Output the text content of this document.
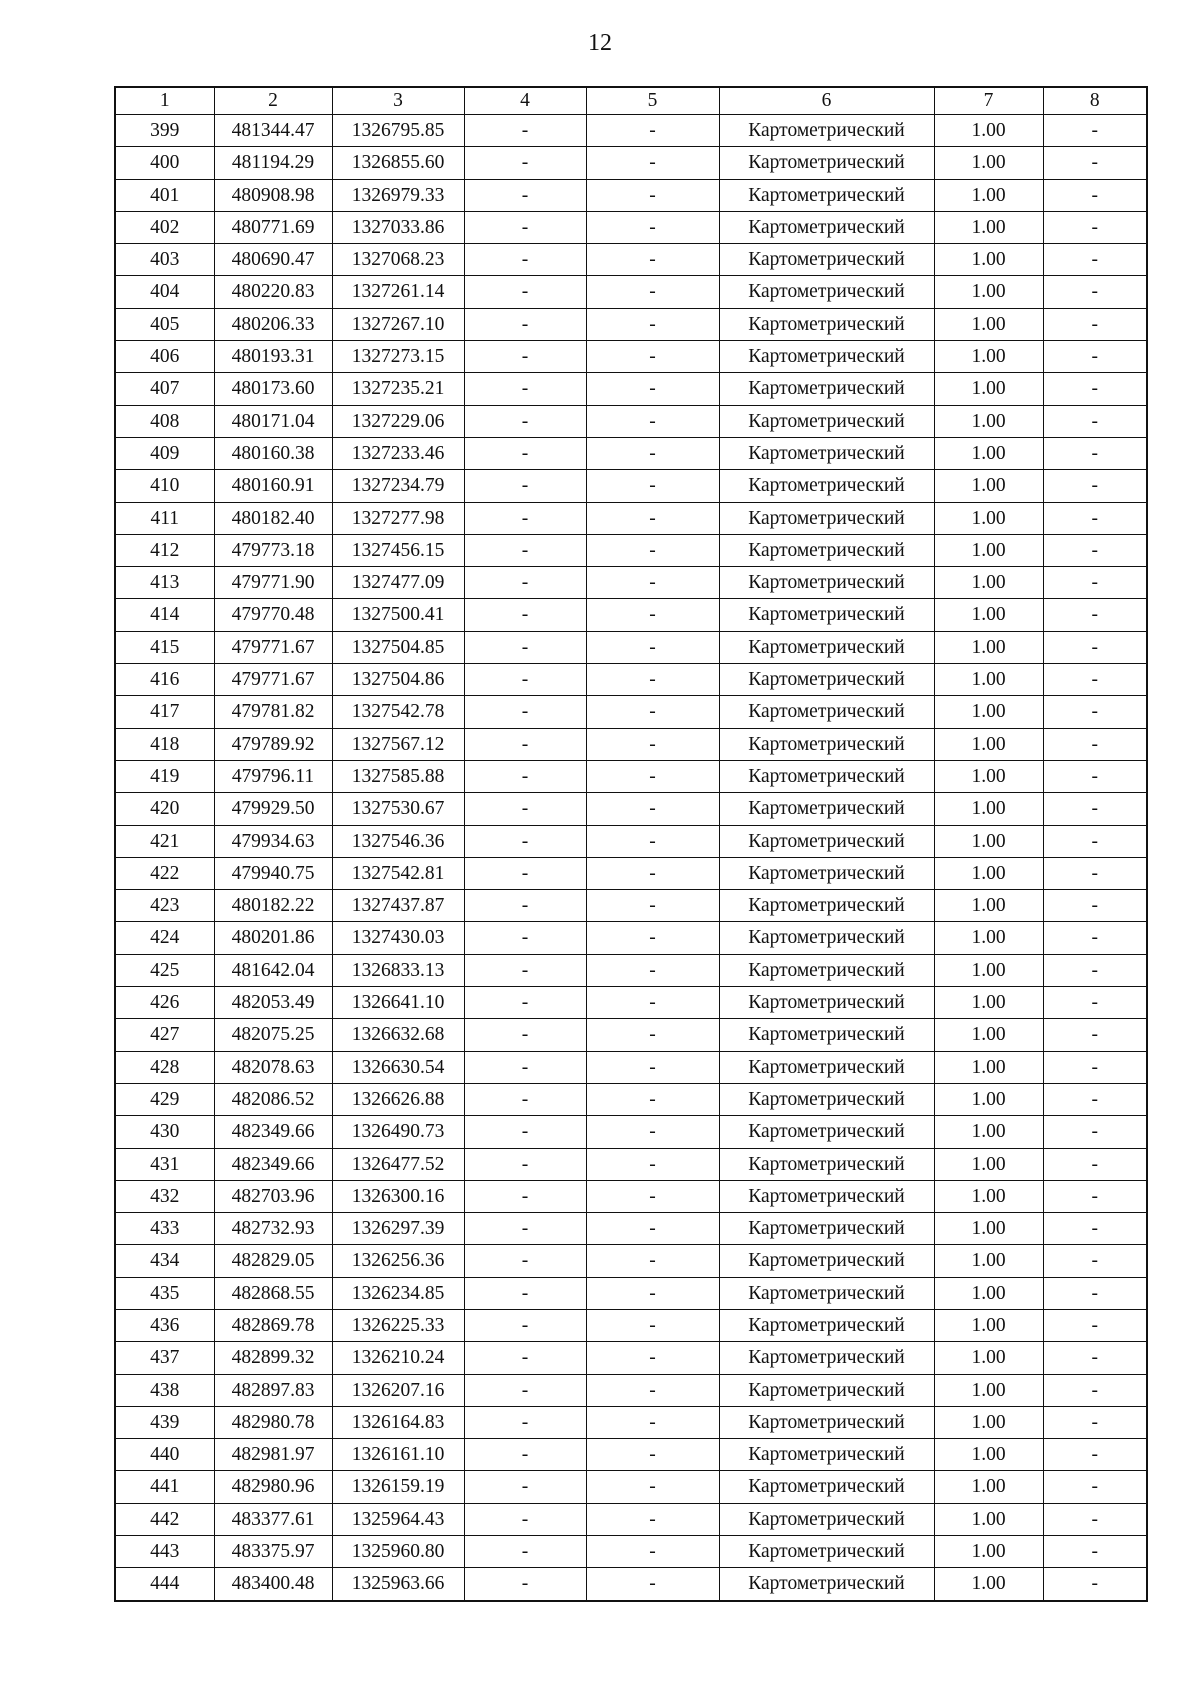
12
1	2	3	4	5	6	7	8
399	481344.47	1326795.85	-	-	Картометрический	1.00	-
400	481194.29	1326855.60	-	-	Картометрический	1.00	-
401	480908.98	1326979.33	-	-	Картометрический	1.00	-
402	480771.69	1327033.86	-	-	Картометрический	1.00	-
403	480690.47	1327068.23	-	-	Картометрический	1.00	-
404	480220.83	1327261.14	-	-	Картометрический	1.00	-
405	480206.33	1327267.10	-	-	Картометрический	1.00	-
406	480193.31	1327273.15	-	-	Картометрический	1.00	-
407	480173.60	1327235.21	-	-	Картометрический	1.00	-
408	480171.04	1327229.06	-	-	Картометрический	1.00	-
409	480160.38	1327233.46	-	-	Картометрический	1.00	-
410	480160.91	1327234.79	-	-	Картометрический	1.00	-
411	480182.40	1327277.98	-	-	Картометрический	1.00	-
412	479773.18	1327456.15	-	-	Картометрический	1.00	-
413	479771.90	1327477.09	-	-	Картометрический	1.00	-
414	479770.48	1327500.41	-	-	Картометрический	1.00	-
415	479771.67	1327504.85	-	-	Картометрический	1.00	-
416	479771.67	1327504.86	-	-	Картометрический	1.00	-
417	479781.82	1327542.78	-	-	Картометрический	1.00	-
418	479789.92	1327567.12	-	-	Картометрический	1.00	-
419	479796.11	1327585.88	-	-	Картометрический	1.00	-
420	479929.50	1327530.67	-	-	Картометрический	1.00	-
421	479934.63	1327546.36	-	-	Картометрический	1.00	-
422	479940.75	1327542.81	-	-	Картометрический	1.00	-
423	480182.22	1327437.87	-	-	Картометрический	1.00	-
424	480201.86	1327430.03	-	-	Картометрический	1.00	-
425	481642.04	1326833.13	-	-	Картометрический	1.00	-
426	482053.49	1326641.10	-	-	Картометрический	1.00	-
427	482075.25	1326632.68	-	-	Картометрический	1.00	-
428	482078.63	1326630.54	-	-	Картометрический	1.00	-
429	482086.52	1326626.88	-	-	Картометрический	1.00	-
430	482349.66	1326490.73	-	-	Картометрический	1.00	-
431	482349.66	1326477.52	-	-	Картометрический	1.00	-
432	482703.96	1326300.16	-	-	Картометрический	1.00	-
433	482732.93	1326297.39	-	-	Картометрический	1.00	-
434	482829.05	1326256.36	-	-	Картометрический	1.00	-
435	482868.55	1326234.85	-	-	Картометрический	1.00	-
436	482869.78	1326225.33	-	-	Картометрический	1.00	-
437	482899.32	1326210.24	-	-	Картометрический	1.00	-
438	482897.83	1326207.16	-	-	Картометрический	1.00	-
439	482980.78	1326164.83	-	-	Картометрический	1.00	-
440	482981.97	1326161.10	-	-	Картометрический	1.00	-
441	482980.96	1326159.19	-	-	Картометрический	1.00	-
442	483377.61	1325964.43	-	-	Картометрический	1.00	-
443	483375.97	1325960.80	-	-	Картометрический	1.00	-
444	483400.48	1325963.66	-	-	Картометрический	1.00	-
